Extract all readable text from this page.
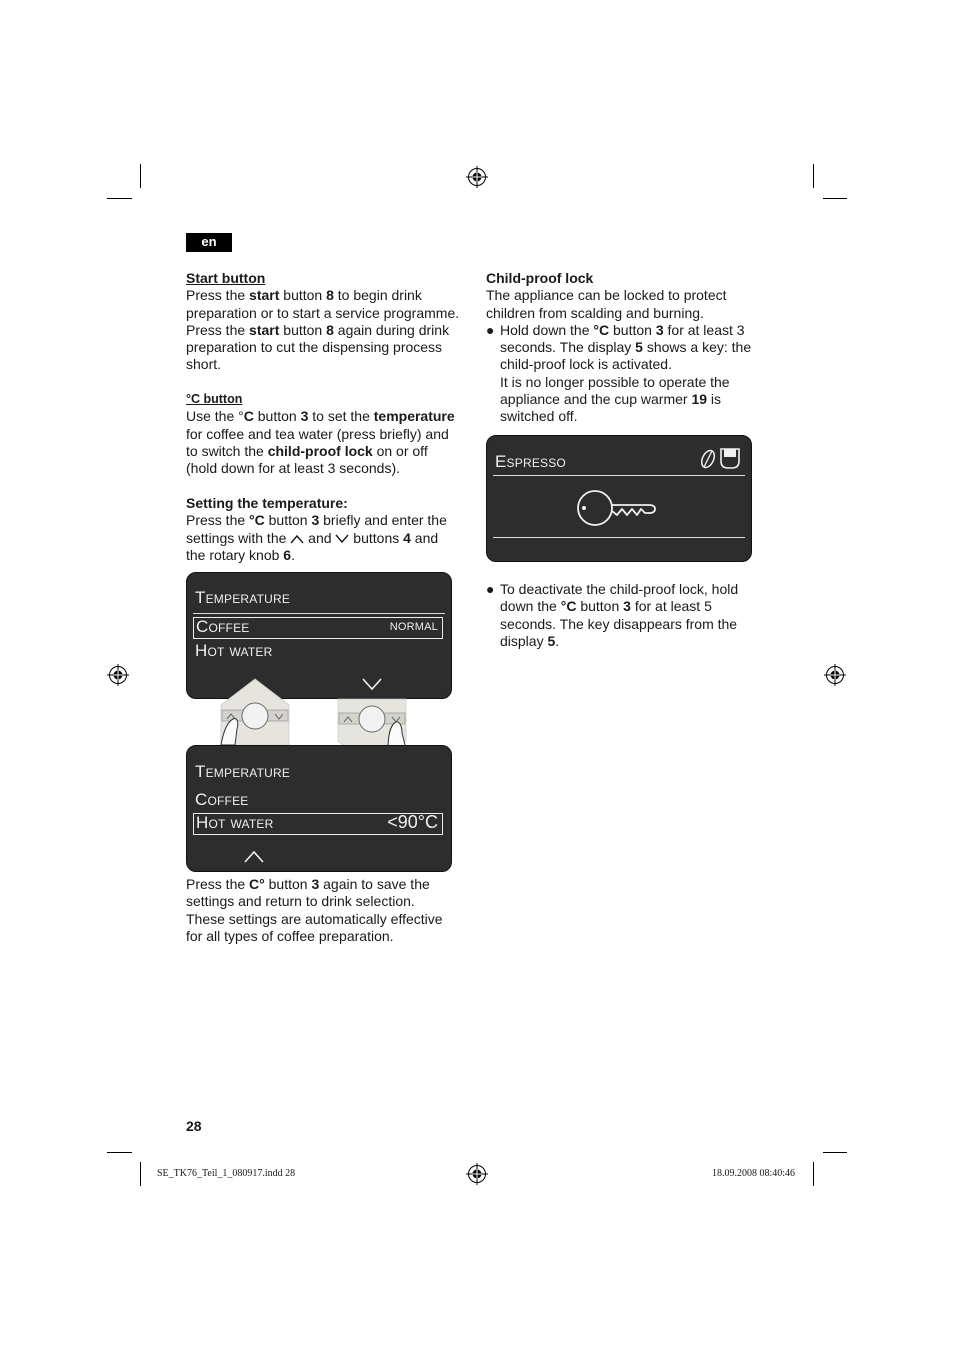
en
Start button
Press the start button 8 to begin drink
preparation or to start a service programme.
Press the start button 8 again during drink
preparation to cut the dispensing process
short.
°C button
Use the °C button 3 to set the temperature
for coffee and tea water (press briefly) and
to switch the child-proof lock on or off
(hold down for at least 3 seconds).
Setting the temperature:
Press the °C button 3 briefly and enter the
settings with the  and  buttons 4 and
the rotary knob 6.
Temperature
Coffee	normal
Hot water
Temperature
Coffee
Hot water	<90°C
Press the C° button 3 again to save the
settings and return to drink selection.
These settings are automatically effective
for all types of coffee preparation.
Child-proof lock
The appliance can be locked to protect
children from scalding and burning.
● Hold down the °C button 3 for at least 3
seconds. The display 5 shows a key: the
child-proof lock is activated.
It is no longer possible to operate the
appliance and the cup warmer 19 is
switched off.
Espresso
● To deactivate the child-proof lock, hold
down the °C button 3 for at least 5
seconds. The key disappears from the
display 5.
28
SE_TK76_Teil_1_080917.indd 28	18.09.2008 08:40:46
